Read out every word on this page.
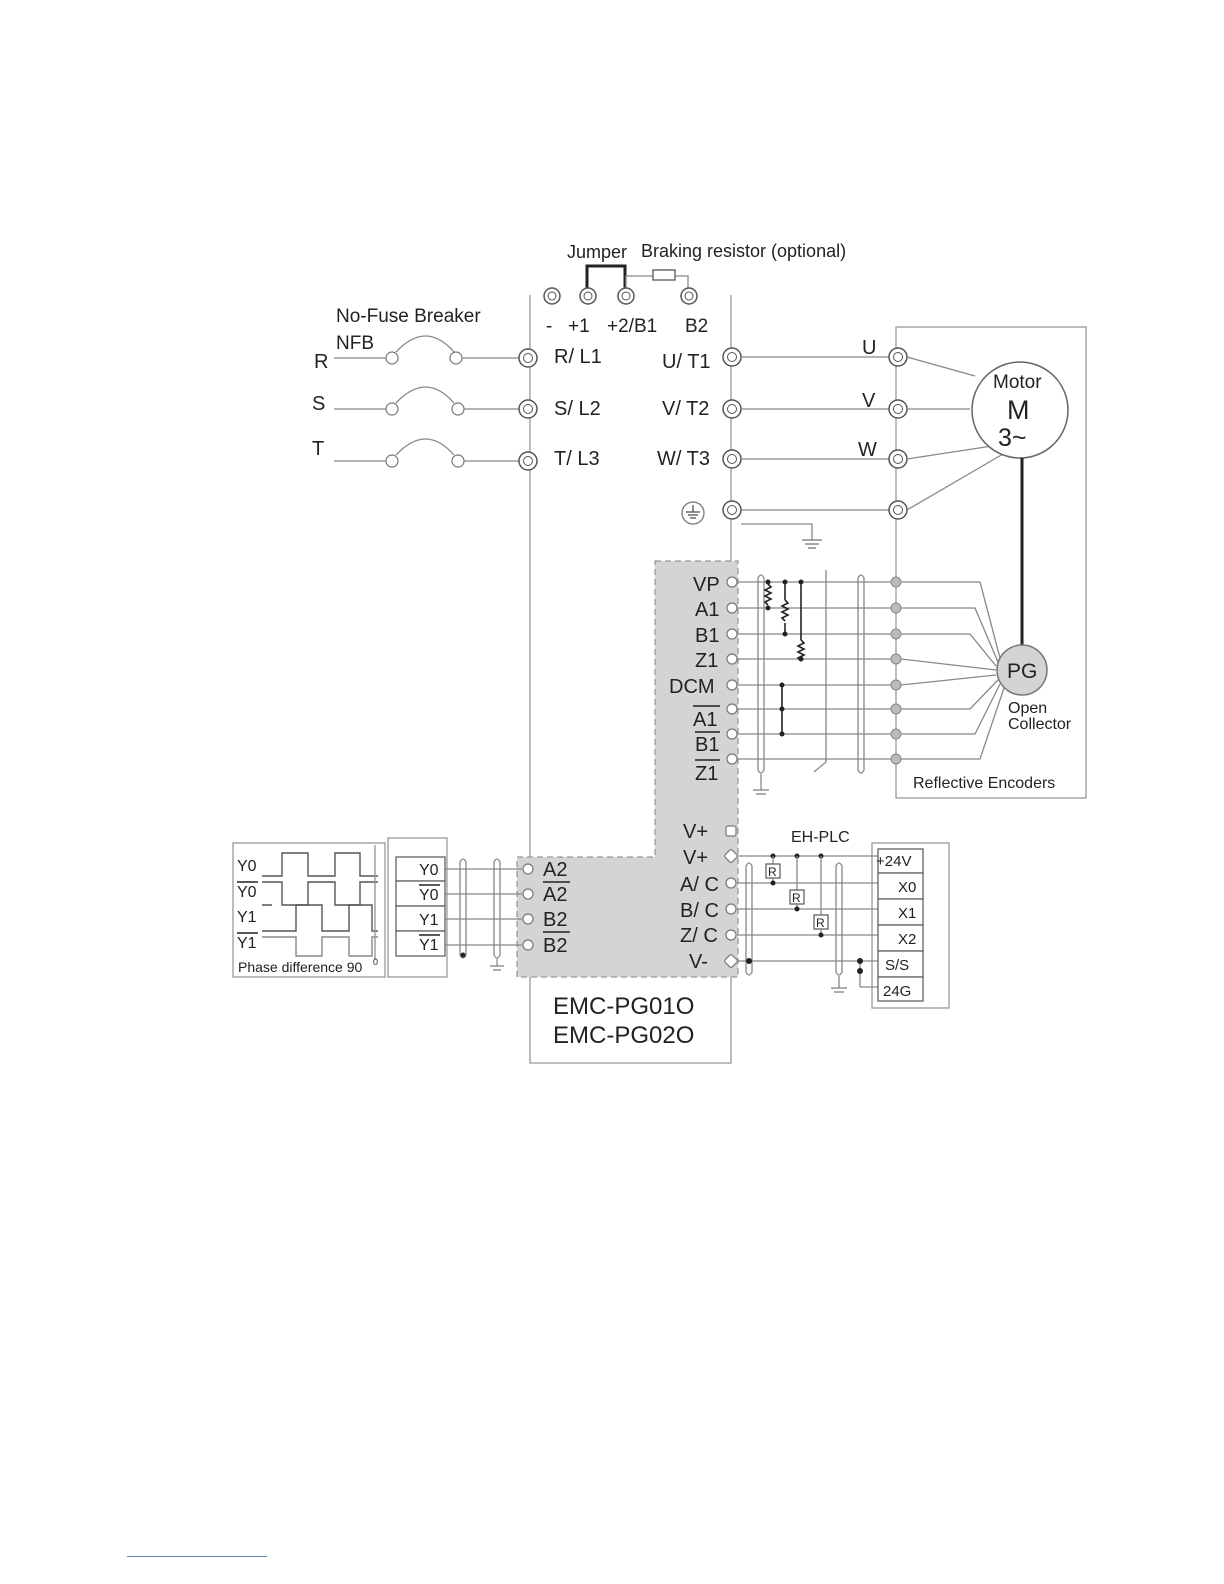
Jumper Braking resistor (optional)
- +1 +2/B1 B2
No-Fuse Breaker
NFB
R
S
T
R/ L1
S/ L2
T/ L3
U/ T1
V/ T2
W/ T3
U
V
W
Motor
M
3~
VP
A1
B1
Z1
DCM
A1
B1
Z1
PG
Open
Collector
Reflective Encoders
V+
V+
A/ C
B/ C
Z/ C
V-
R
R
R
EH-PLC
+24V
X0
X1
X2
S/S
24G
A2
A2
B2
B2
Y0
Y0
Y1
Y1
Y0
Y0
Y1
Y1
Phase difference 90 0
EMC-PG01O
EMC-PG02O
